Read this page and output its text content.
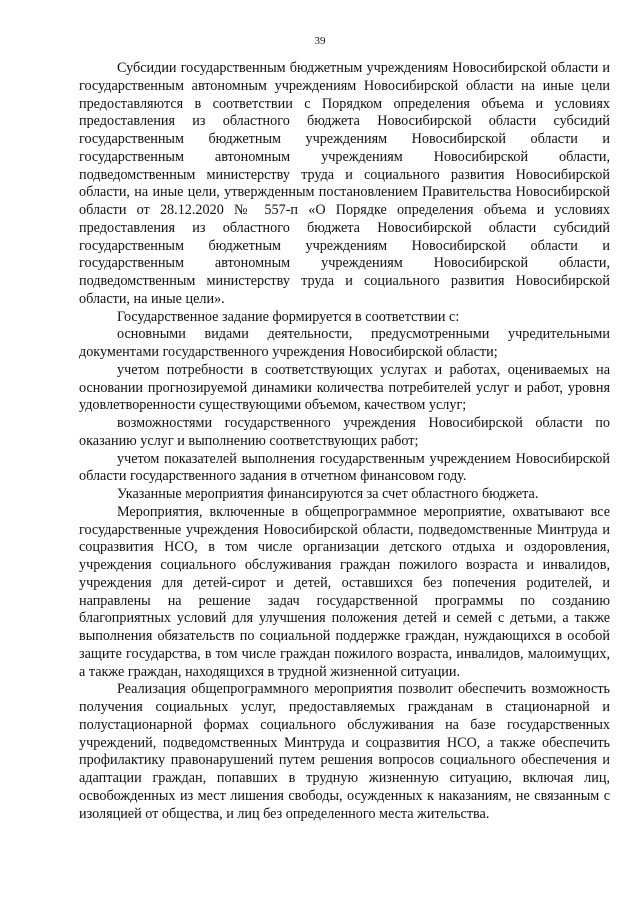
39

Субсидии государственным бюджетным учреждениям Новосибирской области и государственным автономным учреждениям Новосибирской области на иные цели предоставляются в соответствии с Порядком определения объема и условиях предоставления из областного бюджета Новосибирской области субсидий государственным бюджетным учреждениям Новосибирской области и государственным автономным учреждениям Новосибирской области, подведомственным министерству труда и социального развития Новосибирской области, на иные цели, утвержденным постановлением Правительства Новосибирской области от 28.12.2020 № 557-п «О Порядке определения объема и условиях предоставления из областного бюджета Новосибирской области субсидий государственным бюджетным учреждениям Новосибирской области и государственным автономным учреждениям Новосибирской области, подведомственным министерству труда и социального развития Новосибирской области, на иные цели».

Государственное задание формируется в соответствии с:

основными видами деятельности, предусмотренными учредительными документами государственного учреждения Новосибирской области;

учетом потребности в соответствующих услугах и работах, оцениваемых на основании прогнозируемой динамики количества потребителей услуг и работ, уровня удовлетворенности существующими объемом, качеством услуг;

возможностями государственного учреждения Новосибирской области по оказанию услуг и выполнению соответствующих работ;

учетом показателей выполнения государственным учреждением Новосибирской области государственного задания в отчетном финансовом году.

Указанные мероприятия финансируются за счет областного бюджета.

Мероприятия, включенные в общепрограммное мероприятие, охватывают все государственные учреждения Новосибирской области, подведомственные Минтруда и соцразвития НСО, в том числе организации детского отдыха и оздоровления, учреждения социального обслуживания граждан пожилого возраста и инвалидов, учреждения для детей-сирот и детей, оставшихся без попечения родителей, и направлены на решение задач государственной программы по созданию благоприятных условий для улучшения положения детей и семей с детьми, а также выполнения обязательств по социальной поддержке граждан, нуждающихся в особой защите государства, в том числе граждан пожилого возраста, инвалидов, малоимущих, а также граждан, находящихся в трудной жизненной ситуации.

Реализация общепрограммного мероприятия позволит обеспечить возможность получения социальных услуг, предоставляемых гражданам в стационарной и полустационарной формах социального обслуживания на базе государственных учреждений, подведомственных Минтруда и соцразвития НСО, а также обеспечить профилактику правонарушений путем решения вопросов социального обеспечения и адаптации граждан, попавших в трудную жизненную ситуацию, включая лиц, освобожденных из мест лишения свободы, осужденных к наказаниям, не связанным с изоляцией от общества, и лиц без определенного места жительства.
